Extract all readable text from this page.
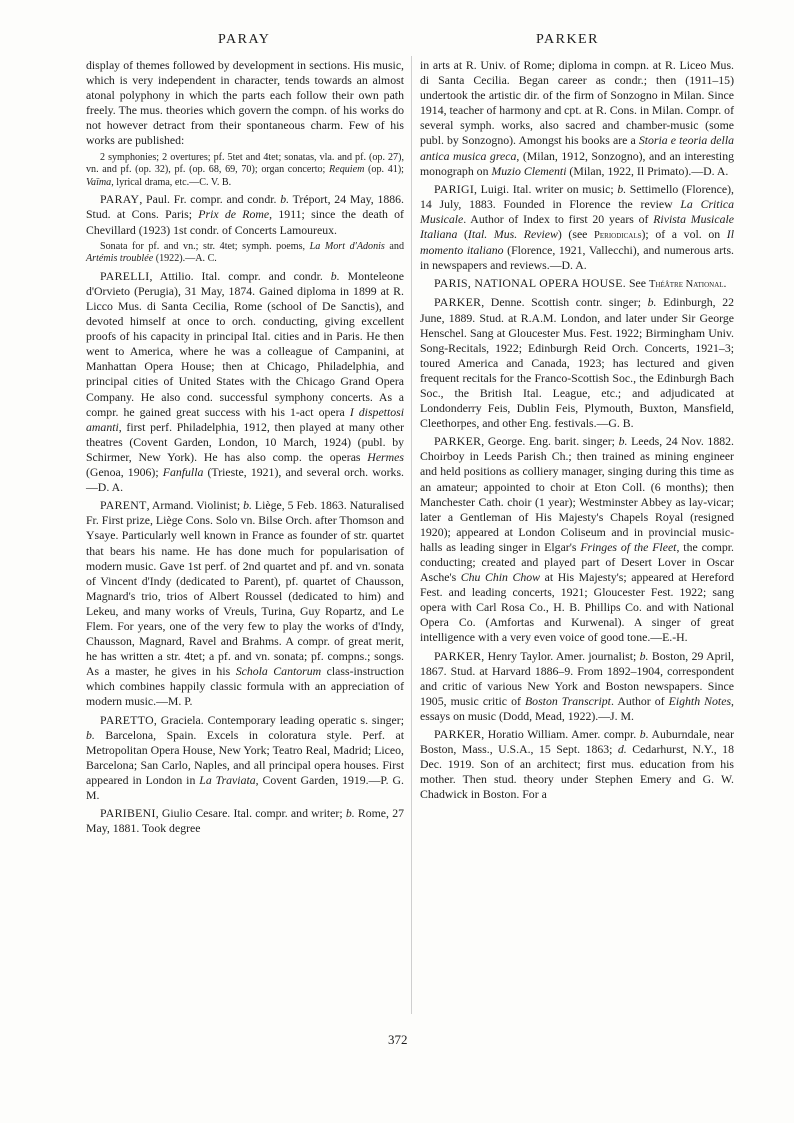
PARAY	PARKER

display of themes followed by development in sections. His music, which is very independent in character, tends towards an almost atonal polyphony in which the parts each follow their own path freely. The mus. theories which govern the compn. of his works do not however detract from their spontaneous charm. Few of his works are published:

2 symphonies; 2 overtures; pf. 5tet and 4tet; sonatas, vla. and pf. (op. 27), vn. and pf. (op. 32), pf. (op. 68, 69, 70); organ concerto; Requiem (op. 41); Vaïma, lyrical drama, etc.—C. V. B.

PARAY, Paul. Fr. compr. and condr. b. Tréport, 24 May, 1886. Stud. at Cons. Paris; Prix de Rome, 1911; since the death of Chevillard (1923) 1st condr. of Concerts Lamoureux.

Sonata for pf. and vn.; str. 4tet; symph. poems, La Mort d'Adonis and Artémis troublée (1922).—A. C.

PARELLI, Attilio. Ital. compr. and condr. b. Monteleone d'Orvieto (Perugia), 31 May, 1874. Gained diploma in 1899 at R. Licco Mus. di Santa Cecilia, Rome (school of De Sanctis), and devoted himself at once to orch. conducting, giving excellent proofs of his capacity in principal Ital. cities and in Paris. He then went to America, where he was a colleague of Campanini, at Manhattan Opera House; then at Chicago, Philadelphia, and principal cities of United States with the Chicago Grand Opera Company. He also cond. successful symphony concerts. As a compr. he gained great success with his 1-act opera I dispettosi amanti, first perf. Philadelphia, 1912, then played at many other theatres (Covent Garden, London, 10 March, 1924) (publ. by Schirmer, New York). He has also comp. the operas Hermes (Genoa, 1906); Fanfulla (Trieste, 1921), and several orch. works.—D. A.

PARENT, Armand. Violinist; b. Liège, 5 Feb. 1863. Naturalised Fr. First prize, Liège Cons. Solo vn. Bilse Orch. after Thomson and Ysaye. Particularly well known in France as founder of str. quartet that bears his name. He has done much for popularisation of modern music. Gave 1st perf. of 2nd quartet and pf. and vn. sonata of Vincent d'Indy (dedicated to Parent), pf. quartet of Chausson, Magnard's trio, trios of Albert Roussel (dedicated to him) and Lekeu, and many works of Vreuls, Turina, Guy Ropartz, and Le Flem. For years, one of the very few to play the works of d'Indy, Chausson, Magnard, Ravel and Brahms. A compr. of great merit, he has written a str. 4tet; a pf. and vn. sonata; pf. compns.; songs. As a master, he gives in his Schola Cantorum class-instruction which combines happily classic formula with an appreciation of modern music.—M. P.

PARETTO, Graciela. Contemporary leading operatic s. singer; b. Barcelona, Spain. Excels in coloratura style. Perf. at Metropolitan Opera House, New York; Teatro Real, Madrid; Liceo, Barcelona; San Carlo, Naples, and all principal opera houses. First appeared in London in La Traviata, Covent Garden, 1919.—P. G. M.

PARIBENI, Giulio Cesare. Ital. compr. and writer; b. Rome, 27 May, 1881. Took degree

in arts at R. Univ. of Rome; diploma in compn. at R. Liceo Mus. di Santa Cecilia. Began career as condr.; then (1911–15) undertook the artistic dir. of the firm of Sonzogno in Milan. Since 1914, teacher of harmony and cpt. at R. Cons. in Milan. Compr. of several symph. works, also sacred and chamber-music (some publ. by Sonzogno). Amongst his books are a Storia e teoria della antica musica greca, (Milan, 1912, Sonzogno), and an interesting monograph on Muzio Clementi (Milan, 1922, Il Primato).—D. A.

PARIGI, Luigi. Ital. writer on music; b. Settimello (Florence), 14 July, 1883. Founded in Florence the review La Critica Musicale. Author of Index to first 20 years of Rivista Musicale Italiana (Ital. Mus. Review) (see Periodicals); of a vol. on Il momento italiano (Florence, 1921, Vallecchi), and numerous arts. in newspapers and reviews.—D. A.

PARIS, NATIONAL OPERA HOUSE. See Théâtre National.

PARKER, Denne. Scottish contr. singer; b. Edinburgh, 22 June, 1889. Stud. at R.A.M. London, and later under Sir George Henschel. Sang at Gloucester Mus. Fest. 1922; Birmingham Univ. Song-Recitals, 1922; Edinburgh Reid Orch. Concerts, 1921–3; toured America and Canada, 1923; has lectured and given frequent recitals for the Franco-Scottish Soc., the Edinburgh Bach Soc., the British Ital. League, etc.; and adjudicated at Londonderry Feis, Dublin Feis, Plymouth, Buxton, Mansfield, Cleethorpes, and other Eng. festivals.—G. B.

PARKER, George. Eng. barit. singer; b. Leeds, 24 Nov. 1882. Choirboy in Leeds Parish Ch.; then trained as mining engineer and held positions as colliery manager, singing during this time as an amateur; appointed to choir at Eton Coll. (6 months); then Manchester Cath. choir (1 year); Westminster Abbey as lay-vicar; later a Gentleman of His Majesty's Chapels Royal (resigned 1920); appeared at London Coliseum and in provincial music-halls as leading singer in Elgar's Fringes of the Fleet, the compr. conducting; created and played part of Desert Lover in Oscar Asche's Chu Chin Chow at His Majesty's; appeared at Hereford Fest. and leading concerts, 1921; Gloucester Fest. 1922; sang opera with Carl Rosa Co., H. B. Phillips Co. and with National Opera Co. (Amfortas and Kurwenal). A singer of great intelligence with a very even voice of good tone.—E.-H.

PARKER, Henry Taylor. Amer. journalist; b. Boston, 29 April, 1867. Stud. at Harvard 1886–9. From 1892–1904, correspondent and critic of various New York and Boston newspapers. Since 1905, music critic of Boston Transcript. Author of Eighth Notes, essays on music (Dodd, Mead, 1922).—J. M.

PARKER, Horatio William. Amer. compr. b. Auburndale, near Boston, Mass., U.S.A., 15 Sept. 1863; d. Cedarhurst, N.Y., 18 Dec. 1919. Son of an architect; first mus. education from his mother. Then stud. theory under Stephen Emery and G. W. Chadwick in Boston. For a

372
